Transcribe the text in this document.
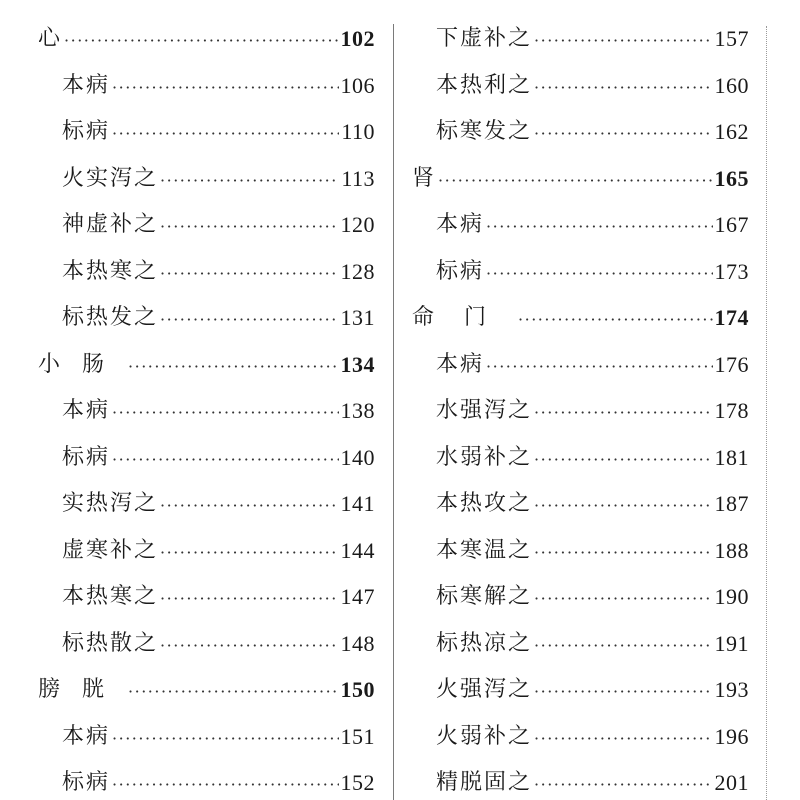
心 ·····	102
本病 ·····	106
标病 ·····	110
火实泻之 ·····	113
神虚补之 ·····	120
本热寒之 ·····	128
标热发之 ·····	131
小肠 ·····	134
本病 ·····	138
标病 ·····	140
实热泻之 ·····	141
虚寒补之 ·····	144
本热寒之 ·····	147
标热散之 ·····	148
膀胱 ·····	150
本病 ·····	151
标病 ·····	152
下虚补之 ·····	157
本热利之 ·····	160
标寒发之 ·····	162
肾 ·····	165
本病 ·····	167
标病 ·····	173
命门 ·····	174
本病 ·····	176
水强泻之 ·····	178
水弱补之 ·····	181
本热攻之 ·····	187
本寒温之 ·····	188
标寒解之 ·····	190
标热凉之 ·····	191
火强泻之 ·····	193
火弱补之 ·····	196
精脱固之 ·····	201
